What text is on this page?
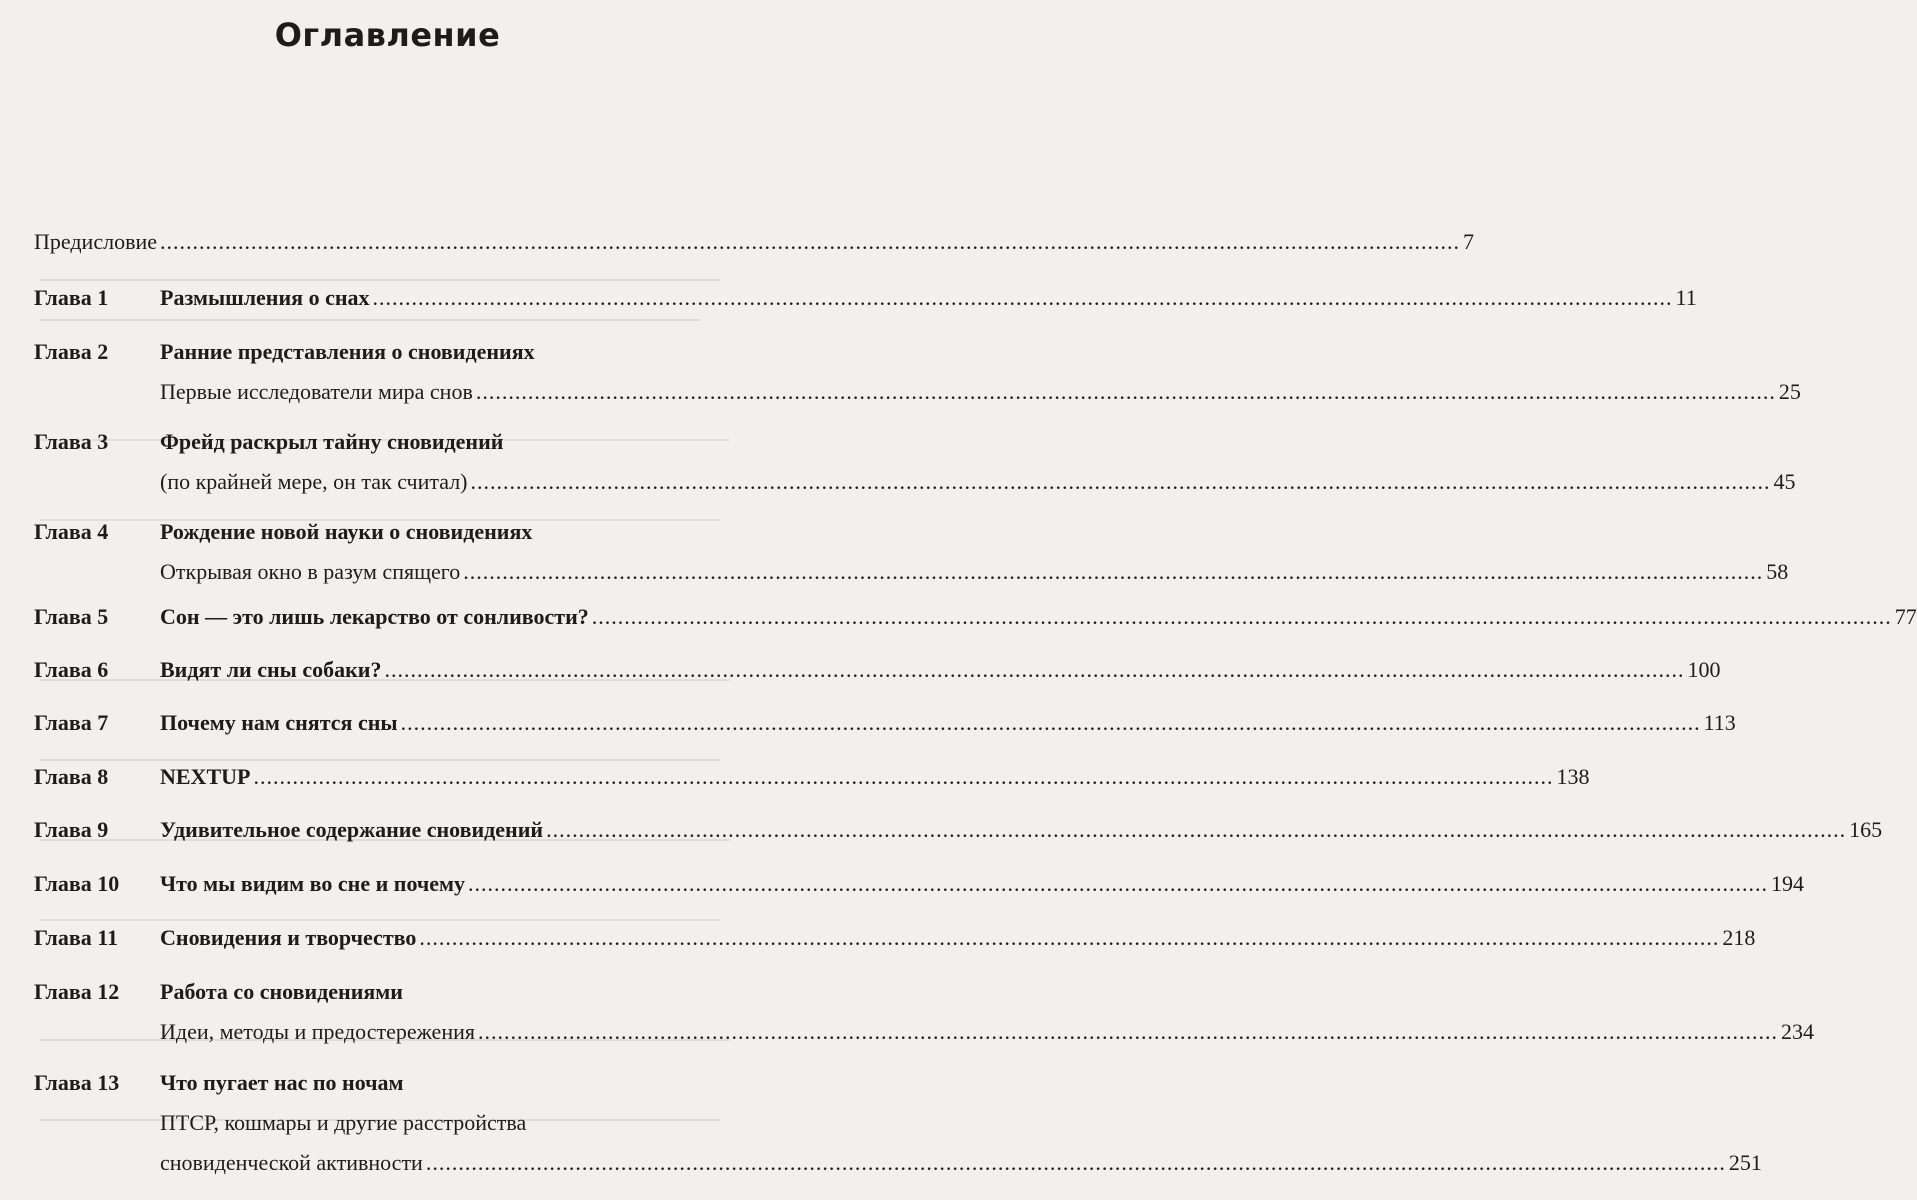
Оглавление
Предисловие ........................................................................................................................................................................................................ 7
Глава 1 Размышления о снах ........................................................................................................................................................................................................ 11
Глава 2 Ранние представления о сновидениях
Первые исследователи мира снов ........................................................................................................................................................................................................ 25
Глава 3 Фрейд раскрыл тайну сновидений
(по крайней мере, он так считал) ........................................................................................................................................................................................................ 45
Глава 4 Рождение новой науки о сновидениях
Открывая окно в разум спящего ........................................................................................................................................................................................................ 58
Глава 5 Сон — это лишь лекарство от сонливости? ........................................................................................................................................................................................................ 77
Глава 6 Видят ли сны собаки? ........................................................................................................................................................................................................ 100
Глава 7 Почему нам снятся сны ........................................................................................................................................................................................................ 113
Глава 8 NEXTUP ........................................................................................................................................................................................................ 138
Глава 9 Удивительное содержание сновидений ........................................................................................................................................................................................................ 165
Глава 10 Что мы видим во сне и почему ........................................................................................................................................................................................................ 194
Глава 11 Сновидения и творчество ........................................................................................................................................................................................................ 218
Глава 12 Работа со сновидениями
Идеи, методы и предостережения ........................................................................................................................................................................................................ 234
Глава 13 Что пугает нас по ночам
ПТСР, кошмары и другие расстройства
сновиденческой активности ........................................................................................................................................................................................................ 251
